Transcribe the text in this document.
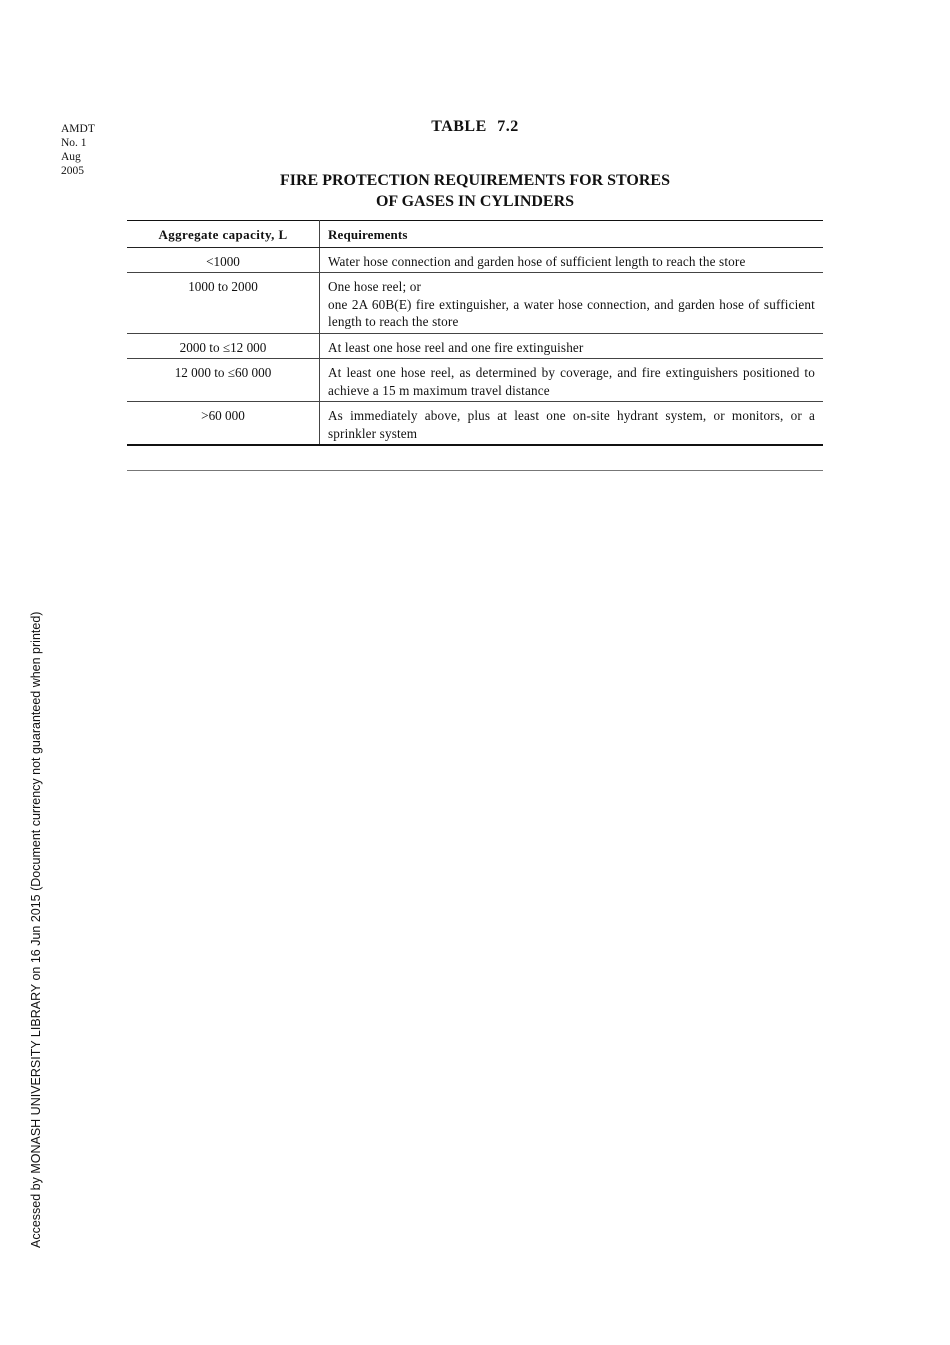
AMDT
No. 1
Aug
2005
TABLE 7.2
FIRE PROTECTION REQUIREMENTS FOR STORES
OF GASES IN CYLINDERS
Aggregate capacity, L	Requirements
<1000	Water hose connection and garden hose of sufficient length to reach the store

1000 to 2000	One hose reel; or
one 2A 60B(E) fire extinguisher, a water hose connection, and garden hose of sufficient length to reach the store

2000 to ≤12 000	At least one hose reel and one fire extinguisher

12 000 to ≤60 000	At least one hose reel, as determined by coverage, and fire extinguishers positioned to achieve a 15 m maximum travel distance

>60 000	As immediately above, plus at least one on-site hydrant system, or monitors, or a sprinkler system
Accessed by MONASH UNIVERSITY LIBRARY on 16 Jun 2015 (Document currency not guaranteed when printed)
